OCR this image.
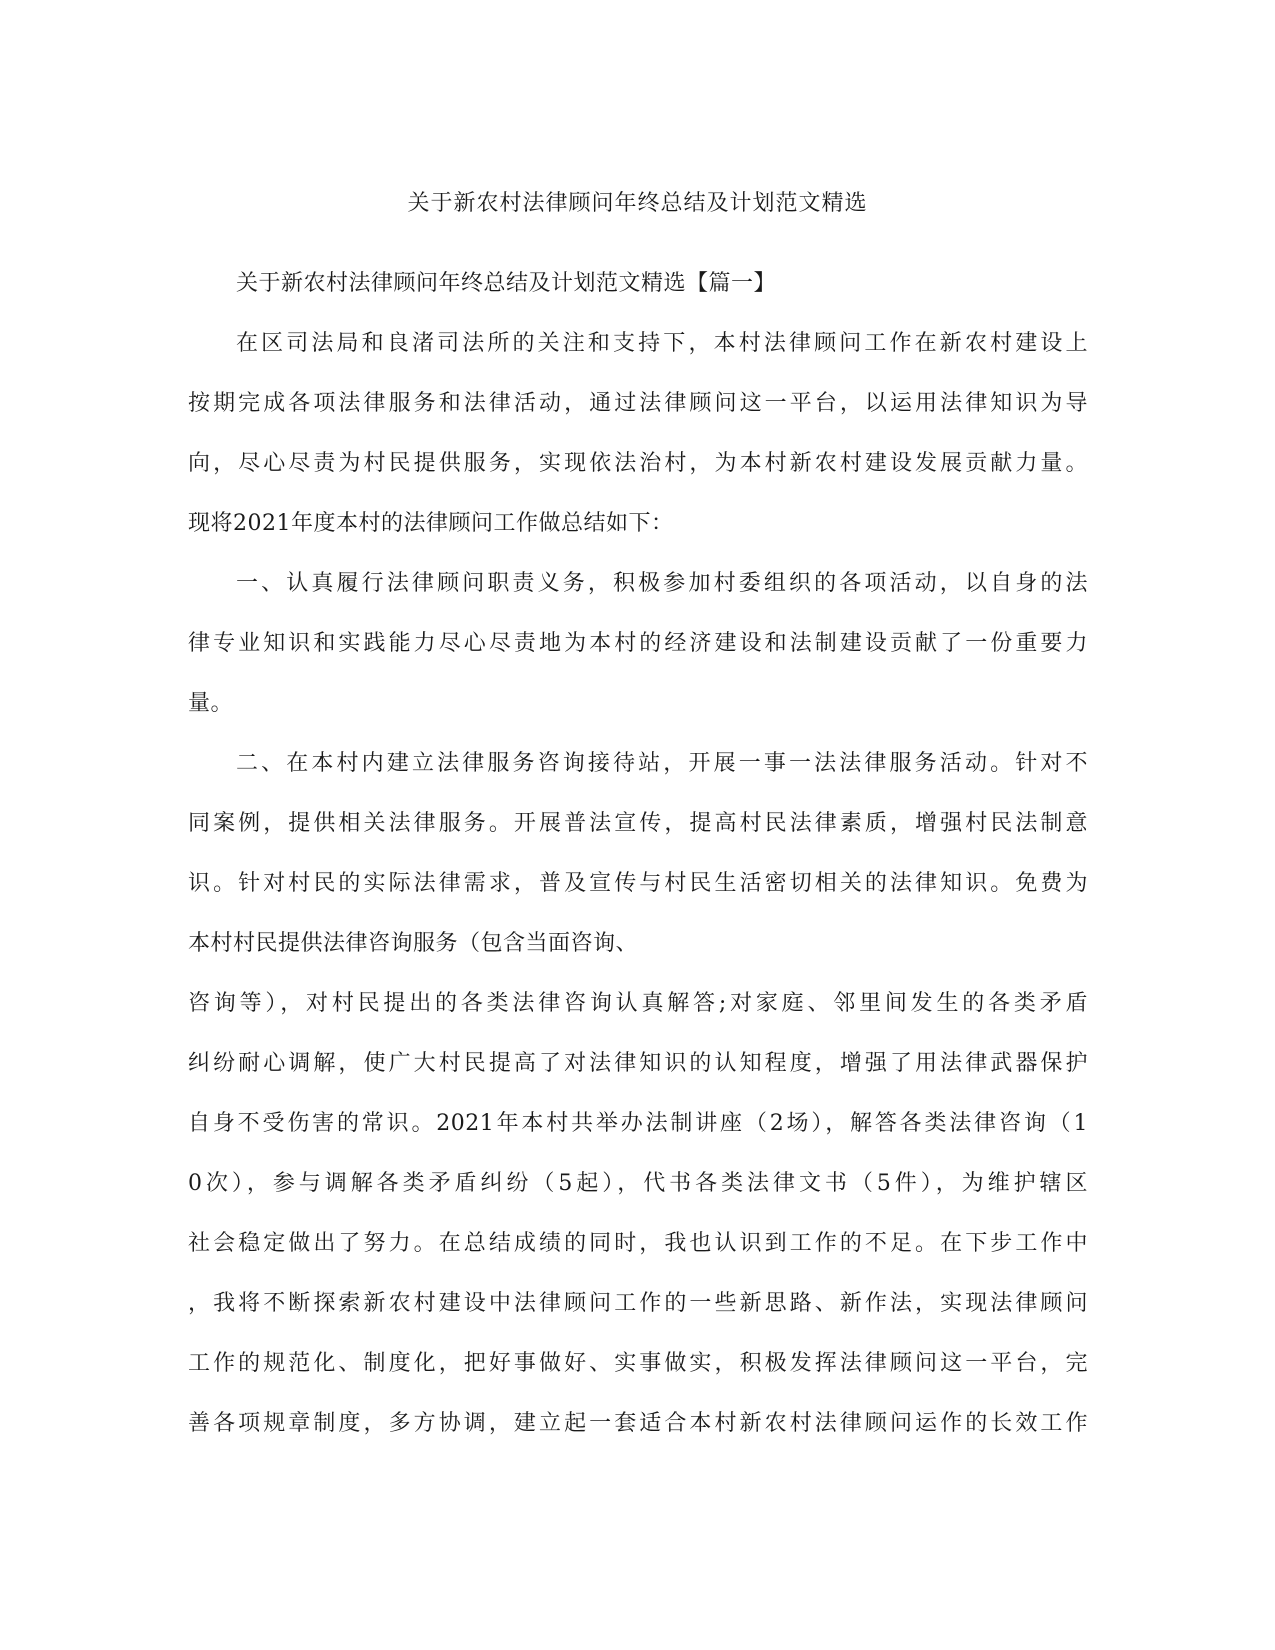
关于新农村法律顾问年终总结及计划范文精选
关于新农村法律顾问年终总结及计划范文精选【篇一】
在区司法局和良渚司法所的关注和支持下，本村法律顾问工作在新农村建设上
按期完成各项法律服务和法律活动，通过法律顾问这一平台，以运用法律知识为导
向，尽心尽责为村民提供服务，实现依法治村，为本村新农村建设发展贡献力量。
现将2021年度本村的法律顾问工作做总结如下：
一、认真履行法律顾问职责义务，积极参加村委组织的各项活动，以自身的法
律专业知识和实践能力尽心尽责地为本村的经济建设和法制建设贡献了一份重要力
量。
二、在本村内建立法律服务咨询接待站，开展一事一法法律服务活动。针对不
同案例，提供相关法律服务。开展普法宣传，提高村民法律素质，增强村民法制意
识。针对村民的实际法律需求，普及宣传与村民生活密切相关的法律知识。免费为
本村村民提供法律咨询服务（包含当面咨询、
咨询等），对村民提出的各类法律咨询认真解答;对家庭、邻里间发生的各类矛盾
纠纷耐心调解，使广大村民提高了对法律知识的认知程度，增强了用法律武器保护
自身不受伤害的常识。2021年本村共举办法制讲座（2场），解答各类法律咨询（1
0次），参与调解各类矛盾纠纷（5起），代书各类法律文书（5件），为维护辖区
社会稳定做出了努力。在总结成绩的同时，我也认识到工作的不足。在下步工作中
，我将不断探索新农村建设中法律顾问工作的一些新思路、新作法，实现法律顾问
工作的规范化、制度化，把好事做好、实事做实，积极发挥法律顾问这一平台，完
善各项规章制度，多方协调，建立起一套适合本村新农村法律顾问运作的长效工作
